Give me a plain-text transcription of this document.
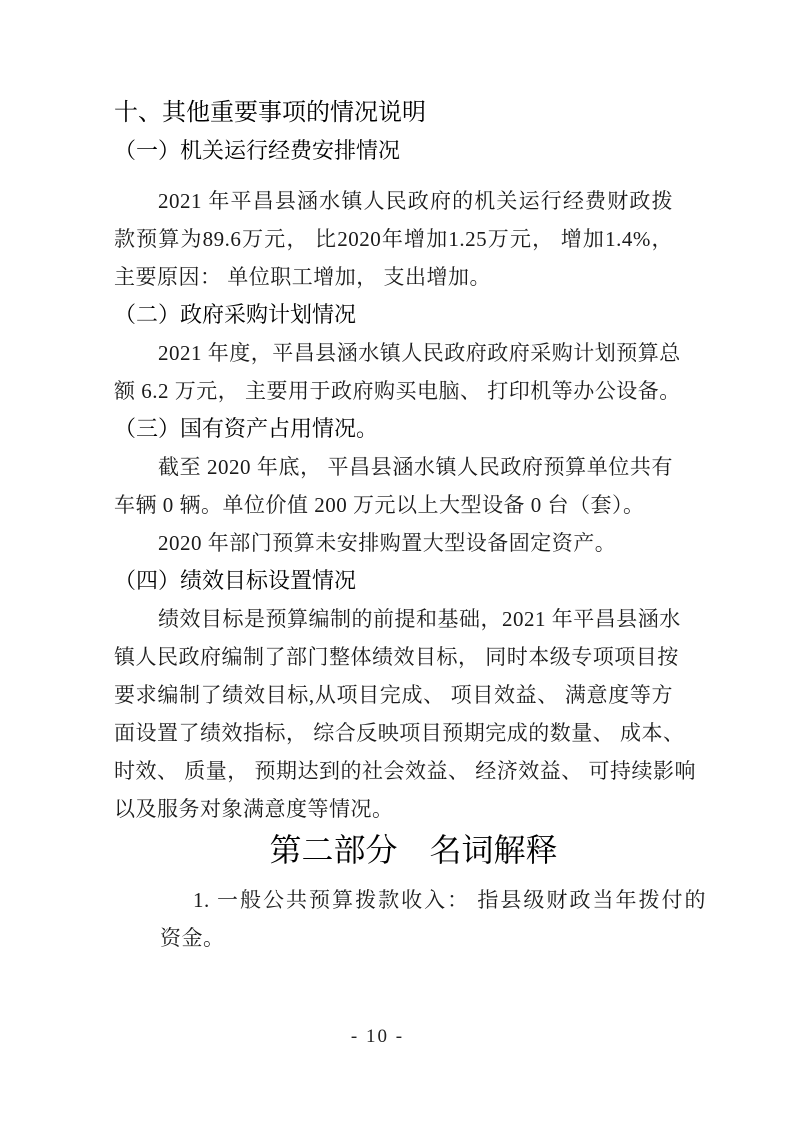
十、其他重要事项的情况说明
（一）机关运行经费安排情况

2021 年平昌县涵水镇人民政府的机关运行经费财政拨
款预算为89.6万元， 比2020年增加1.25万元， 增加1.4%，
主要原因： 单位职工增加， 支出增加。

（二）政府采购计划情况

2021 年度，平昌县涵水镇人民政府政府采购计划预算总
额 6.2 万元， 主要用于政府购买电脑、 打印机等办公设备。

（三）国有资产占用情况。

截至 2020 年底， 平昌县涵水镇人民政府预算单位共有
车辆 0 辆。单位价值 200 万元以上大型设备 0 台（套）。

2020 年部门预算未安排购置大型设备固定资产。

（四）绩效目标设置情况

绩效目标是预算编制的前提和基础，2021 年平昌县涵水
镇人民政府编制了部门整体绩效目标， 同时本级专项项目按
要求编制了绩效目标,从项目完成、 项目效益、 满意度等方
面设置了绩效指标， 综合反映项目预期完成的数量、 成本、
时效、 质量， 预期达到的社会效益、 经济效益、 可持续影响
以及服务对象满意度等情况。

第二部分　名词解释

1. 一般公共预算拨款收入： 指县级财政当年拨付的
资金。

- 10 -
